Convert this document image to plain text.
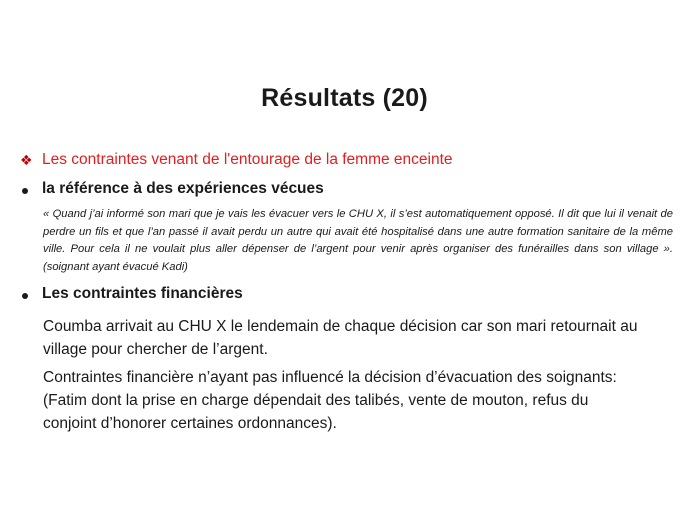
Résultats (20)
❖ Les contraintes venant de l'entourage de la femme enceinte
la référence à des expériences vécues
« Quand j’ai informé son mari que je vais les évacuer vers le CHU X, il s’est automatiquement opposé. Il dit que lui il venait de perdre un fils et que l’an passé il avait perdu un autre qui avait été hospitalisé dans une autre formation sanitaire de la même ville. Pour cela il ne voulait plus aller dépenser de l’argent pour venir après organiser des funérailles dans son village ». (soignant ayant évacué Kadi)
Les contraintes financières
Coumba arrivait au CHU X le lendemain de chaque décision car son mari retournait au village pour chercher de l’argent.
Contraintes financière n’ayant pas influencé la décision d’évacuation des soignants: (Fatim dont la prise en charge dépendait des talibés, vente de mouton, refus du conjoint d’honorer certaines ordonnances).
